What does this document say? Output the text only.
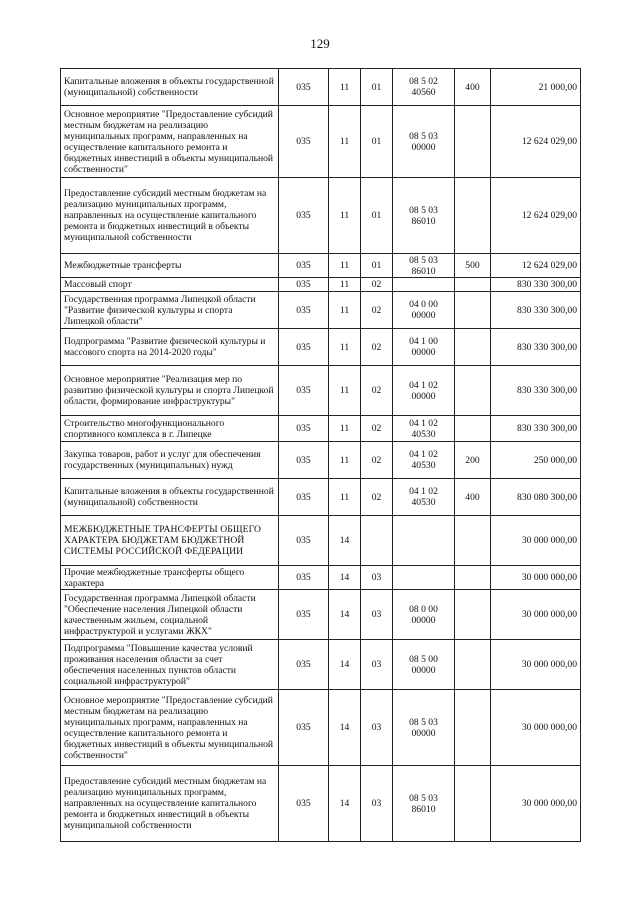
129
Капитальные вложения в объекты государственной (муниципальной) собственности	035	11	01	08 5 02 40560	400	21 000,00
Основное мероприятие "Предоставление субсидий местным бюджетам на реализацию муниципальных программ, направленных на осуществление капитального ремонта и бюджетных инвестиций в объекты муниципальной собственности"	035	11	01	08 5 03 00000		12 624 029,00
Предоставление субсидий местным бюджетам на реализацию муниципальных программ, направленных на осуществление капитального ремонта и бюджетных инвестиций в объекты муниципальной собственности	035	11	01	08 5 03 86010		12 624 029,00
Межбюджетные трансферты	035	11	01	08 5 03 86010	500	12 624 029,00
Массовый спорт	035	11	02			830 330 300,00
Государственная программа Липецкой области "Развитие физической культуры и спорта Липецкой области"	035	11	02	04 0 00 00000		830 330 300,00
Подпрограмма "Развитие физической культуры и массового спорта на 2014-2020 годы"	035	11	02	04 1 00 00000		830 330 300,00
Основное мероприятие "Реализация мер по развитию физической культуры и спорта Липецкой области, формирование инфраструктуры"	035	11	02	04 1 02 00000		830 330 300,00
Строительство многофункционального спортивного комплекса в г. Липецке	035	11	02	04 1 02 40530		830 330 300,00
Закупка товаров, работ и услуг для обеспечения государственных (муниципальных) нужд	035	11	02	04 1 02 40530	200	250 000,00
Капитальные вложения в объекты государственной (муниципальной) собственности	035	11	02	04 1 02 40530	400	830 080 300,00
МЕЖБЮДЖЕТНЫЕ ТРАНСФЕРТЫ ОБЩЕГО ХАРАКТЕРА БЮДЖЕТАМ БЮДЖЕТНОЙ СИСТЕМЫ РОССИЙСКОЙ ФЕДЕРАЦИИ	035	14				30 000 000,00
Прочие межбюджетные трансферты общего характера	035	14	03			30 000 000,00
Государственная программа Липецкой области "Обеспечение населения Липецкой области качественным жильем, социальной инфраструктурой и услугами ЖКХ"	035	14	03	08 0 00 00000		30 000 000,00
Подпрограмма "Повышение качества условий проживания населения области за счет обеспечения населенных пунктов области социальной инфраструктурой"	035	14	03	08 5 00 00000		30 000 000,00
Основное мероприятие "Предоставление субсидий местным бюджетам на реализацию муниципальных программ, направленных на осуществление капитального ремонта и бюджетных инвестиций в объекты муниципальной собственности"	035	14	03	08 5 03 00000		30 000 000,00
Предоставление субсидий местным бюджетам на реализацию муниципальных программ, направленных на осуществление капитального ремонта и бюджетных инвестиций в объекты муниципальной собственности	035	14	03	08 5 03 86010		30 000 000,00
